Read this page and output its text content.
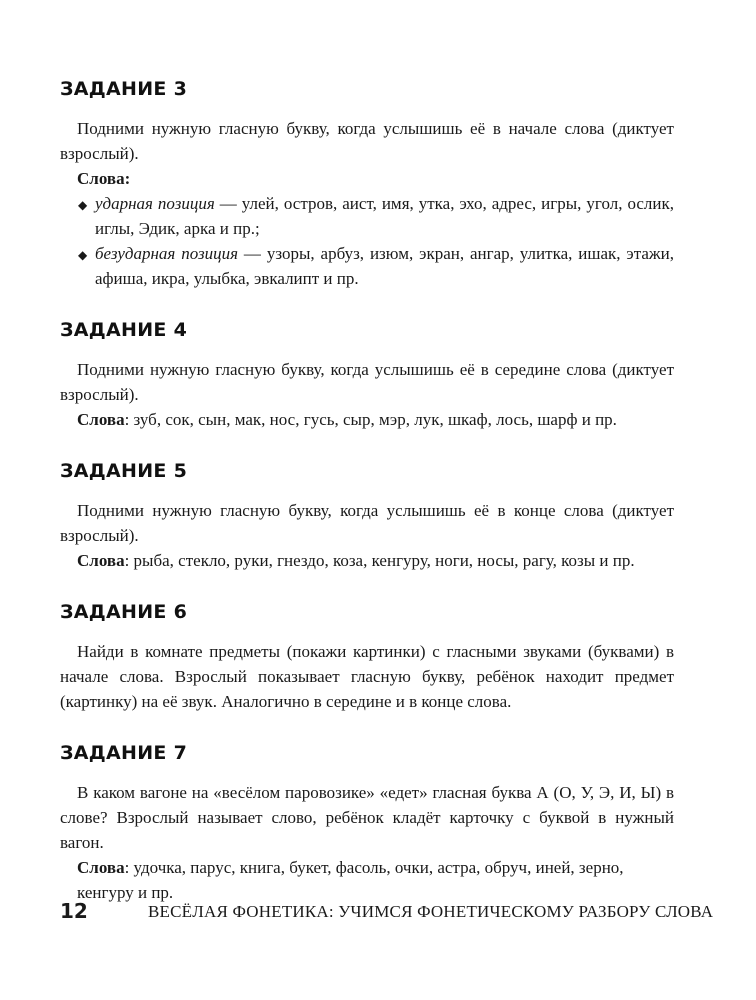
ЗАДАНИЕ 3

Подними нужную гласную букву, когда услышишь её в начале слова (диктует взрослый).

Слова:

◆ ударная позиция — улей, остров, аист, имя, утка, эхо, адрес, игры, угол, ослик, иглы, Эдик, арка и пр.;
◆ безударная позиция — узоры, арбуз, изюм, экран, ангар, улитка, ишак, этажи, афиша, икра, улыбка, эвкалипт и пр.
ЗАДАНИЕ 4

Подними нужную гласную букву, когда услышишь её в середине слова (диктует взрослый).

Слова: зуб, сок, сын, мак, нос, гусь, сыр, мэр, лук, шкаф, лось, шарф и пр.

ЗАДАНИЕ 5

Подними нужную гласную букву, когда услышишь её в конце слова (диктует взрослый).

Слова: рыба, стекло, руки, гнездо, коза, кенгуру, ноги, носы, рагу, козы и пр.

ЗАДАНИЕ 6

Найди в комнате предметы (покажи картинки) с гласными звуками (буквами) в начале слова. Взрослый показывает гласную букву, ребёнок находит предмет (картинку) на её звук. Аналогично в середине и в конце слова.

ЗАДАНИЕ 7

В каком вагоне на «весёлом паровозике» «едет» гласная буква А (О, У, Э, И, Ы) в слове? Взрослый называет слово, ребёнок кладёт карточку с буквой в нужный вагон.

Слова: удочка, парус, книга, букет, фасоль, очки, астра, обруч, иней, зерно, кенгуру и пр.

12	ВЕСЁЛАЯ ФОНЕТИКА: УЧИМСЯ ФОНЕТИЧЕСКОМУ РАЗБОРУ СЛОВА
